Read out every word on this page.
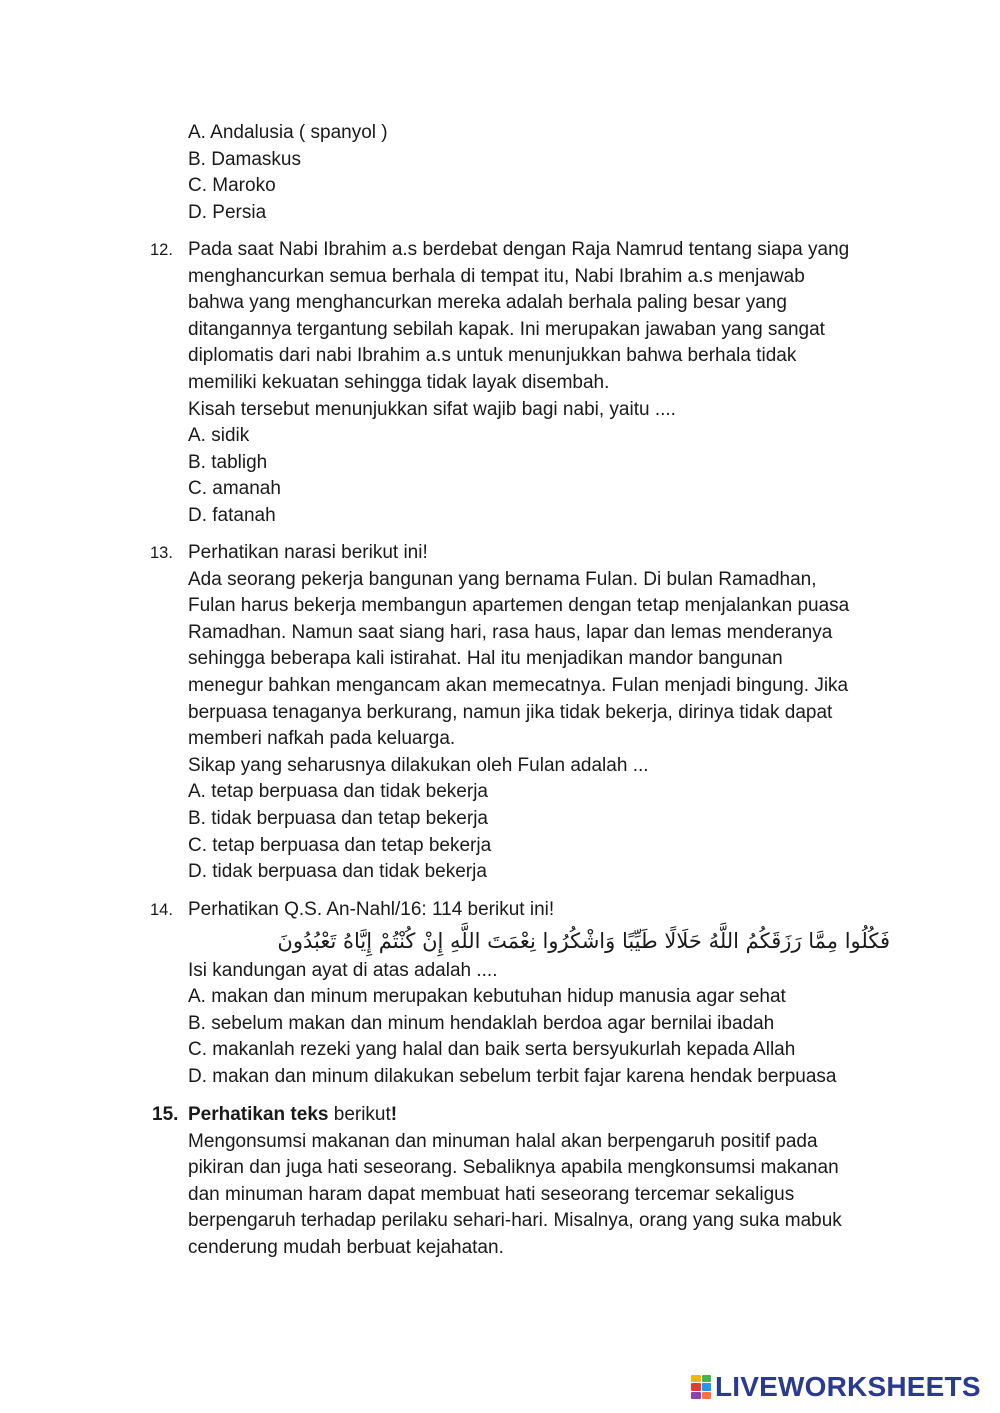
A. Andalusia ( spanyol )
B. Damaskus
C. Maroko
D. Persia
12. Pada saat Nabi Ibrahim a.s berdebat dengan Raja Namrud tentang siapa yang
menghancurkan semua berhala di tempat itu, Nabi Ibrahim a.s menjawab
bahwa yang menghancurkan mereka adalah berhala paling besar yang
ditangannya tergantung sebilah kapak. Ini merupakan jawaban yang sangat
diplomatis dari nabi Ibrahim a.s untuk menunjukkan bahwa berhala tidak
memiliki kekuatan sehingga tidak layak disembah.
Kisah tersebut menunjukkan sifat wajib bagi nabi, yaitu ....
A. sidik
B. tabligh
C. amanah
D. fatanah
13. Perhatikan narasi berikut ini!
Ada seorang pekerja bangunan yang bernama Fulan. Di bulan Ramadhan,
Fulan harus bekerja membangun apartemen dengan tetap menjalankan puasa
Ramadhan. Namun saat siang hari, rasa haus, lapar dan lemas menderanya
sehingga beberapa kali istirahat. Hal itu menjadikan mandor bangunan
menegur bahkan mengancam akan memecatnya. Fulan menjadi bingung. Jika
berpuasa tenaganya berkurang, namun jika tidak bekerja, dirinya tidak dapat
memberi nafkah pada keluarga.
Sikap yang seharusnya dilakukan oleh Fulan adalah ...
A. tetap berpuasa dan tidak bekerja
B. tidak berpuasa dan tetap bekerja
C. tetap berpuasa dan tetap bekerja
D. tidak berpuasa dan tidak bekerja
14. Perhatikan Q.S. An-Nahl/16: 114 berikut ini!
فَكُلُوا مِمَّا رَزَقَكُمُ اللَّهُ حَلَالًا طَيِّبًا وَاشْكُرُوا نِعْمَتَ اللَّهِ إِنْ كُنْتُمْ إِيَّاهُ تَعْبُدُونَ
Isi kandungan ayat di atas adalah ....
A. makan dan minum merupakan kebutuhan hidup manusia agar sehat
B. sebelum makan dan minum hendaklah berdoa agar bernilai ibadah
C. makanlah rezeki yang halal dan baik serta bersyukurlah kepada Allah
D. makan dan minum dilakukan sebelum terbit fajar karena hendak berpuasa
15. Perhatikan teks berikut!
Mengonsumsi makanan dan minuman halal akan berpengaruh positif pada
pikiran dan juga hati seseorang. Sebaliknya apabila mengkonsumsi makanan
dan minuman haram dapat membuat hati seseorang tercemar sekaligus
berpengaruh terhadap perilaku sehari-hari. Misalnya, orang yang suka mabuk
cenderung mudah berbuat kejahatan.
LIVEWORKSHEETS
